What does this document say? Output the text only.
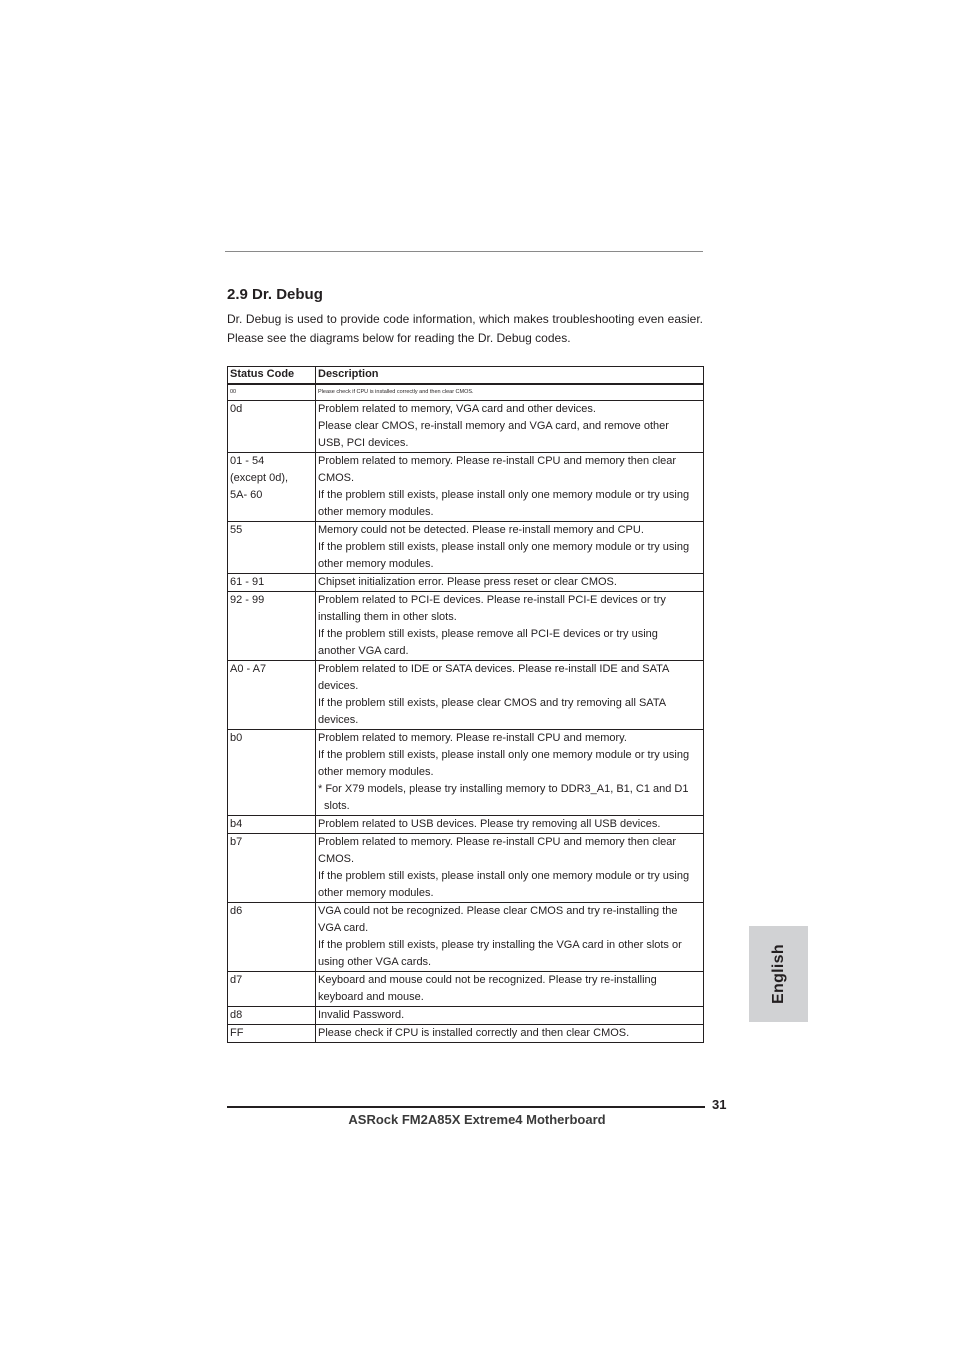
2.9 Dr. Debug

Dr. Debug is used to provide code information, which makes troubleshooting even easier. Please see the diagrams below for reading the Dr. Debug codes.

Status Code	Description

00	Please check if CPU is installed correctly and then clear CMOS.

0d	Problem related to memory, VGA card and other devices.
Please clear CMOS, re-install memory and VGA card, and remove other
USB, PCI devices.

01 - 54
(except 0d),
5A- 60	Problem related to memory. Please re-install CPU and memory then clear
CMOS.
If the problem still exists, please install only one memory module or try using
other memory modules.

55	Memory could not be detected. Please re-install memory and CPU.
If the problem still exists, please install only one memory module or try using
other memory modules.

61 - 91	Chipset initialization error. Please press reset or clear CMOS.

92 - 99	Problem related to PCI-E devices. Please re-install PCI-E devices or try
installing them in other slots.
If the problem still exists, please remove all PCI-E devices or try using
another VGA card.

A0 - A7	Problem related to IDE or SATA devices. Please re-install IDE and SATA
devices.
If the problem still exists, please clear CMOS and try removing all SATA
devices.

b0	Problem related to memory. Please re-install CPU and memory.
If the problem still exists, please install only one memory module or try using
other memory modules.
* For X79 models, please try installing memory to DDR3_A1, B1, C1 and D1
slots.

b4	Problem related to USB devices. Please try removing all USB devices.

b7	Problem related to memory. Please re-install CPU and memory then clear
CMOS.
If the problem still exists, please install only one memory module or try using
other memory modules.

d6	VGA could not be recognized. Please clear CMOS and try re-installing the
VGA card.
If the problem still exists, please try installing the VGA card in other slots or
using other VGA cards.

d7	Keyboard and mouse could not be recognized. Please try re-installing
keyboard and mouse.

d8	Invalid Password.

FF	Please check if CPU is installed correctly and then clear CMOS.
English
31
ASRock FM2A85X Extreme4 Motherboard
